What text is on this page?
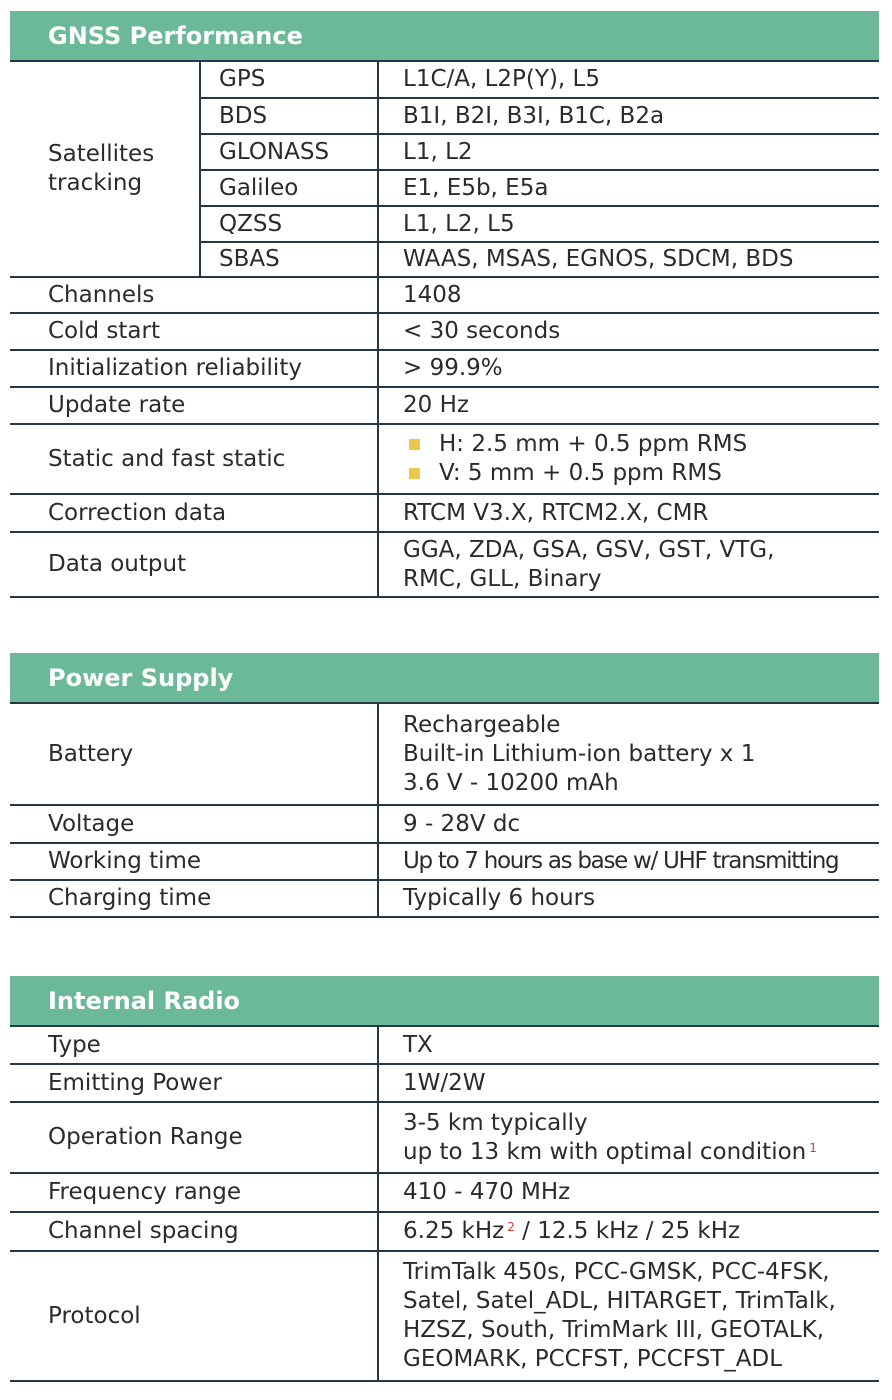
GNSS Performance
Satellites tracking	GPS	L1C/A, L2P(Y), L5
	BDS	B1I, B2I, B3I, B1C, B2a
	GLONASS	L1, L2
	Galileo	E1, E5b, E5a
	QZSS	L1, L2, L5
	SBAS	WAAS, MSAS, EGNOS, SDCM, BDS
Channels		1408
Cold start		< 30 seconds
Initialization reliability		> 99.9%
Update rate		20 Hz
Static and fast static		H: 2.5 mm + 0.5 ppm RMS
V: 5 mm + 0.5 ppm RMS

Correction data		RTCM V3.X, RTCM2.X, CMR
Data output		GGA, ZDA, GSA, GSV, GST, VTG,
RMC, GLL, Binary
Power Supply
Battery	Rechargeable
Built-in Lithium-ion battery x 1
3.6 V - 10200 mAh

Voltage	9 - 28V dc
Working time	Up to 7 hours as base w/ UHF transmitting
Charging time	Typically 6 hours
Internal Radio
Type	TX
Emitting Power	1W/2W
Operation Range	3-5 km typically
up to 13 km with optimal condition $^1$

Frequency range	410 - 470 MHz
Channel spacing	6.25 kHz $^2$ / 12.5 kHz / 25 kHz
Protocol	TrimTalk 450s, PCC-GMSK, PCC-4FSK,
Satel, Satel_ADL, HITARGET, TrimTalk,
HZSZ, South, TrimMark III, GEOTALK,
GEOMARK, PCCFST, PCCFST_ADL
